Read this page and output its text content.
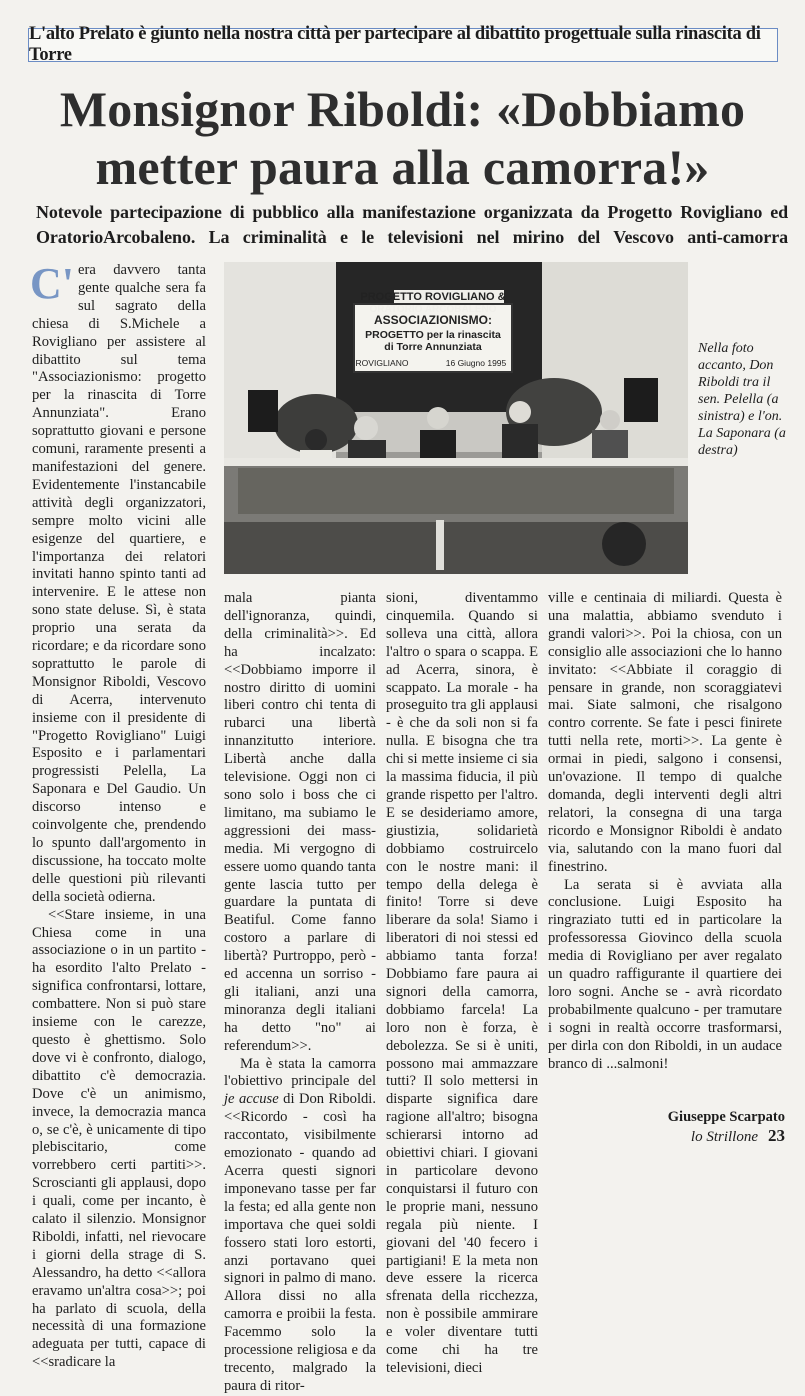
L'alto Prelato è giunto nella nostra città per partecipare al dibattito progettuale sulla rinascita di Torre
Monsignor Riboldi: «Dobbiamo
metter paura alla camorra!»
Notevole partecipazione di pubblico alla manifestazione organizzata da Progetto Rovigliano ed OratorioArcobaleno. La criminalità e le televisioni nel mirino del Vescovo anti-camorra

C' era davvero tanta gente qualche sera fa sul sagrato della chiesa di S.Michele a Rovigliano per assistere al dibattito sul tema "Associazionismo: progetto per la rinascita di Torre Annunziata". Erano soprattutto giovani e persone comuni, raramente presenti a manifestazioni del genere. Evidentemente l'instancabile attività degli organizzatori, sempre molto vicini alle esigenze del quartiere, e l'importanza dei relatori invitati hanno spinto tanti ad intervenire. E le attese non sono state deluse. Sì, è stata proprio una serata da ricordare; e da ricordare sono soprattutto le parole di Monsignor Riboldi, Vescovo di Acerra, intervenuto insieme con il presidente di "Progetto Rovigliano" Luigi Esposito e i parlamentari progressisti Pelella, La Saponara e Del Gaudio. Un discorso intenso e coinvolgente che, prendendo lo spunto dall'argomento in discussione, ha toccato molte delle questioni più rilevanti della società odierna.

<<Stare insieme, in una Chiesa come in una associazione o in un partito - ha esordito l'alto Prelato - significa confrontarsi, lottare, combattere. Non si può stare insieme con le carezze, questo è ghettismo. Solo dove vi è confronto, dialogo, dibattito c'è democrazia. Dove c'è un animismo, invece, la democrazia manca o, se c'è, è unicamente di tipo plebiscitario, come vorrebbero certi partiti>>. Scroscianti gli applausi, dopo i quali, come per incanto, è calato il silenzio. Monsignor Riboldi, infatti, nel rievocare i giorni della strage di S. Alessandro, ha detto <<allora eravamo un'altra cosa>>; poi ha parlato di scuola, della necessità di una formazione adeguata per tutti, capace di <<sradicare la

PROGETTO ROVIGLIANO &
ORATORIO ARCOBALENO
ASSOCIAZIONISMO:
PROGETTO per la rinascita
di Torre Annunziata
ROVIGLIANO	16 Giugno 1995
Nella foto accanto, Don Riboldi tra il sen. Pelella (a sinistra) e l'on. La Saponara (a destra)

mala pianta dell'ignoranza, quindi, della criminalità>>. Ed ha incalzato: <<Dobbiamo imporre il nostro diritto di uomini liberi contro chi tenta di rubarci una libertà innanzitutto interiore. Libertà anche dalla televisione. Oggi non ci sono solo i boss che ci limitano, ma subiamo le aggressioni dei mass-media. Mi vergogno di essere uomo quando tanta gente lascia tutto per guardare la puntata di Beatiful. Come fanno costoro a parlare di libertà? Purtroppo, però - ed accenna un sorriso - gli italiani, anzi una minoranza degli italiani ha detto "no" ai referendum>>.

Ma è stata la camorra l'obiettivo principale del je accuse di Don Riboldi. <<Ricordo - così ha raccontato, visibilmente emozionato - quando ad Acerra questi signori imponevano tasse per far la festa; ed alla gente non importava che quei soldi fossero stati loro estorti, anzi portavano quei signori in palmo di mano. Allora dissi no alla camorra e proibii la festa. Facemmo solo la processione religiosa e da trecento, malgrado la paura di ritor-

sioni, diventammo cinquemila. Quando si solleva una città, allora l'altro o spara o scappa. E ad Acerra, sinora, è scappato. La morale - ha proseguito tra gli applausi - è che da soli non si fa nulla. E bisogna che tra chi si mette insieme ci sia la massima fiducia, il più grande rispetto per l'altro. E se desideriamo amore, giustizia, solidarietà dobbiamo costruircelo con le nostre mani: il tempo della delega è finito! Torre si deve liberare da sola! Siamo i liberatori di noi stessi ed abbiamo tanta forza! Dobbiamo fare paura ai signori della camorra, dobbiamo farcela! La loro non è forza, è debolezza. Se si è uniti, possono mai ammazzare tutti? Il solo mettersi in disparte significa dare ragione all'altro; bisogna schierarsi intorno ad obiettivi chiari. I giovani in particolare devono conquistarsi il futuro con le proprie mani, nessuno regala più niente. I giovani del '40 fecero i partigiani! E la meta non deve essere la ricerca sfrenata della ricchezza, non è possibile ammirare e voler diventare tutti come chi ha tre televisioni, dieci

ville e centinaia di miliardi. Questa è una malattia, abbiamo svenduto i grandi valori>>. Poi la chiosa, con un consiglio alle associazioni che lo hanno invitato: <<Abbiate il coraggio di pensare in grande, non scoraggiatevi mai. Siate salmoni, che risalgono contro corrente. Se fate i pesci finirete tutti nella rete, morti>>. La gente è ormai in piedi, salgono i consensi, un'ovazione. Il tempo di qualche domanda, degli interventi degli altri relatori, la consegna di una targa ricordo e Monsignor Riboldi è andato via, salutando con la mano fuori dal finestrino.

La serata si è avviata alla conclusione. Luigi Esposito ha ringraziato tutti ed in particolare la professoressa Giovinco della scuola media di Rovigliano per aver regalato un quadro raffigurante il quartiere dei loro sogni. Anche se - avrà ricordato probabilmente qualcuno - per tramutare i sogni in realtà occorre trasformarsi, per dirla con don Riboldi, in un audace branco di ...salmoni!

Giuseppe Scarpato
lo Strillone 23
